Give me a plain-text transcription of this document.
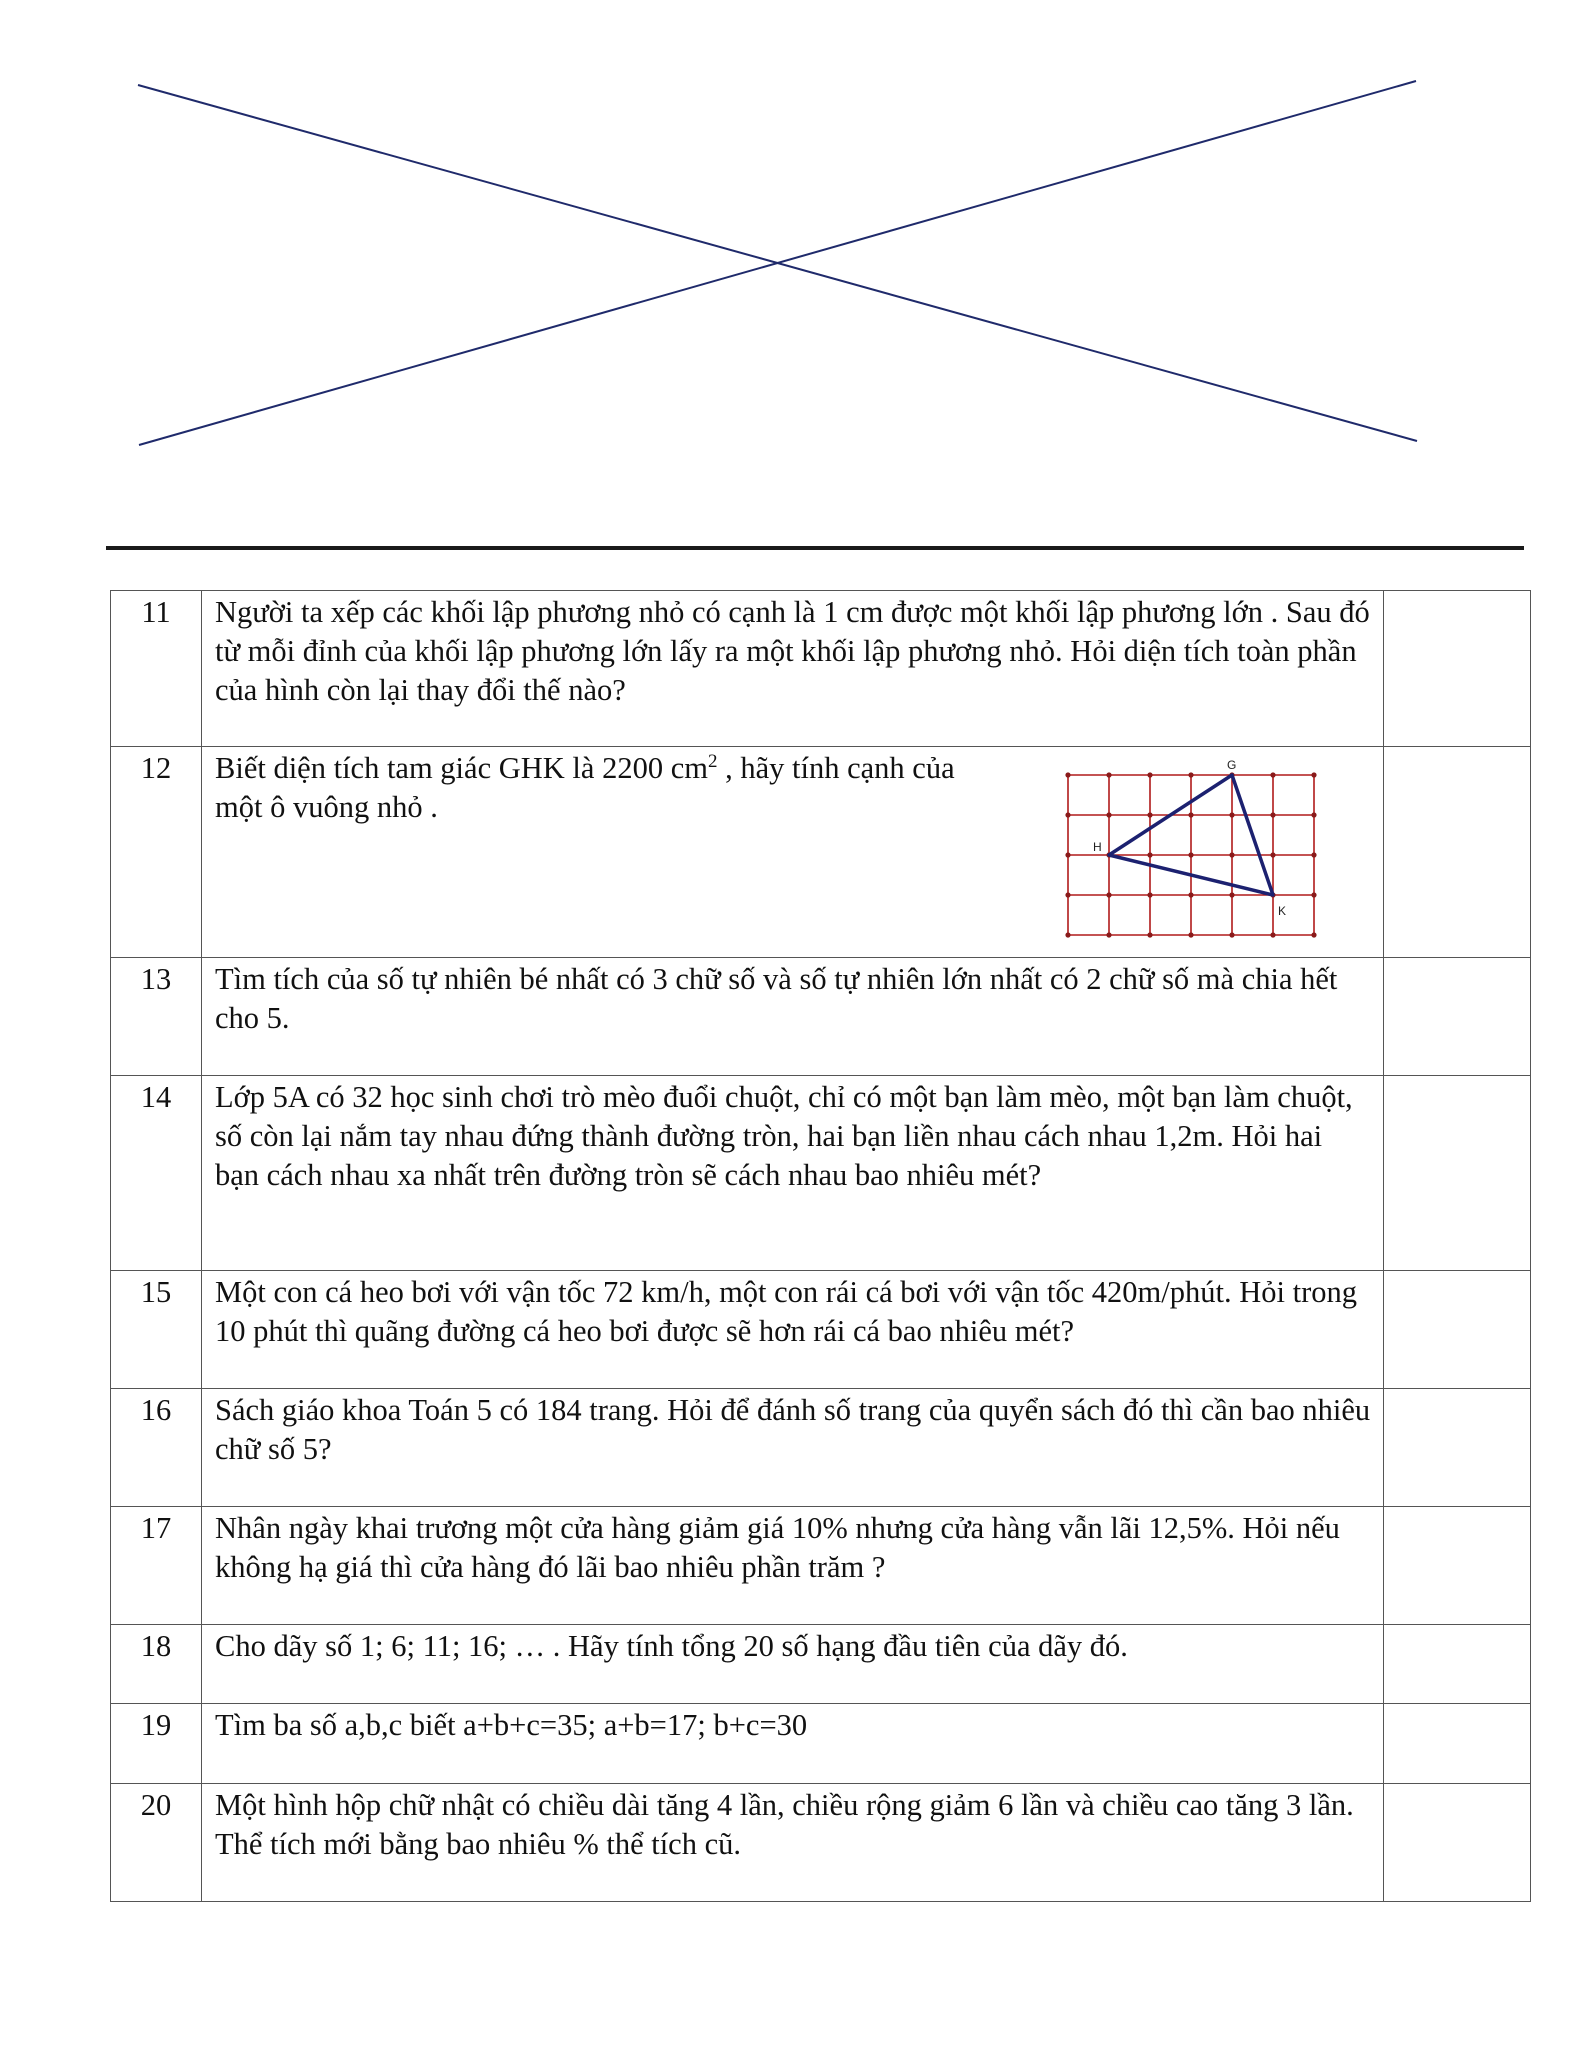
11	Người ta xếp các khối lập phương nhỏ có cạnh là 1 cm được một khối lập phương lớn . Sau đó từ mỗi đỉnh của khối lập phương lớn lấy ra một khối lập phương nhỏ. Hỏi diện tích toàn phần của hình còn lại thay đổi thế nào?	
12	Biết diện tích tam giác GHK là 2200 $cm^2$ , hãy tính cạnh của một ô vuông nhỏ .
G
H
K	

13	Tìm tích của số tự nhiên bé nhất có 3 chữ số và số tự nhiên lớn nhất có 2 chữ số mà chia hết cho 5.	
14	Lớp 5A có 32 học sinh chơi trò mèo đuổi chuột, chỉ có một bạn làm mèo, một bạn làm chuột, số còn lại nắm tay nhau đứng thành đường tròn, hai bạn liền nhau cách nhau 1,2m. Hỏi hai bạn cách nhau xa nhất trên đường tròn sẽ cách nhau bao nhiêu mét?	
15	Một con cá heo bơi với vận tốc 72 km/h, một con rái cá bơi với vận tốc 420m/phút. Hỏi trong 10 phút thì quãng đường cá heo bơi được sẽ hơn rái cá bao nhiêu mét?	
16	Sách giáo khoa Toán 5 có 184 trang. Hỏi để đánh số trang của quyển sách đó thì cần bao nhiêu chữ số 5?	
17	Nhân ngày khai trương một cửa hàng giảm giá 10% nhưng cửa hàng vẫn lãi 12,5%. Hỏi nếu không hạ giá thì cửa hàng đó lãi bao nhiêu phần trăm ?	
18	Cho dãy số 1; 6; 11; 16; … . Hãy tính tổng 20 số hạng đầu tiên của dãy đó.	
19	Tìm ba số a,b,c biết a+b+c=35; a+b=17; b+c=30	
20	Một hình hộp chữ nhật có chiều dài tăng 4 lần, chiều rộng giảm 6 lần và chiều cao tăng 3 lần. Thể tích mới bằng bao nhiêu % thể tích cũ.	
